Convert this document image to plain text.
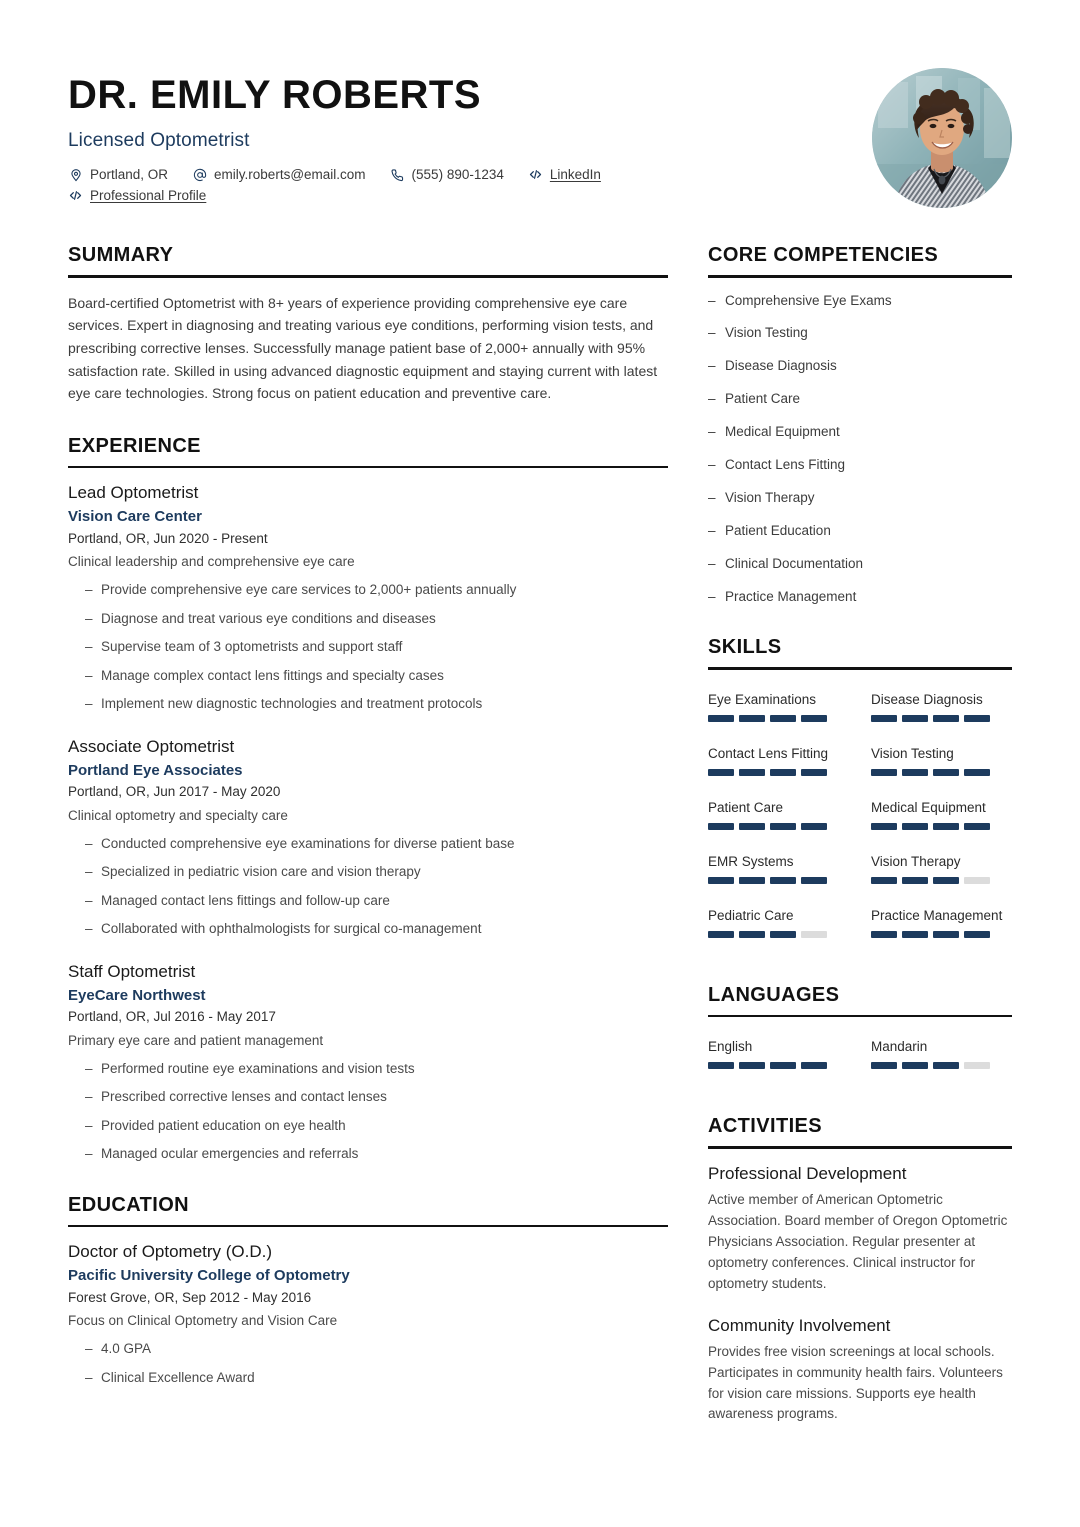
DR. EMILY ROBERTS
Licensed Optometrist
Portland, OR	emily.roberts@email.com	(555) 890-1234	LinkedIn
Professional Profile
SUMMARY

Board-certified Optometrist with 8+ years of experience providing comprehensive eye care services. Expert in diagnosing and treating various eye conditions, performing vision tests, and prescribing corrective lenses. Successfully manage patient base of 2,000+ annually with 95% satisfaction rate. Skilled in using advanced diagnostic equipment and staying current with latest eye care technologies. Strong focus on patient education and preventive care.

EXPERIENCE
Lead Optometrist
Vision Care Center
Portland, OR, Jun 2020 - Present
Clinical leadership and comprehensive eye care
– Provide comprehensive eye care services to 2,000+ patients annually
– Diagnose and treat various eye conditions and diseases
– Supervise team of 3 optometrists and support staff
– Manage complex contact lens fittings and specialty cases
– Implement new diagnostic technologies and treatment protocols
Associate Optometrist
Portland Eye Associates
Portland, OR, Jun 2017 - May 2020
Clinical optometry and specialty care
– Conducted comprehensive eye examinations for diverse patient base
– Specialized in pediatric vision care and vision therapy
– Managed contact lens fittings and follow-up care
– Collaborated with ophthalmologists for surgical co-management
Staff Optometrist
EyeCare Northwest
Portland, OR, Jul 2016 - May 2017
Primary eye care and patient management
– Performed routine eye examinations and vision tests
– Prescribed corrective lenses and contact lenses
– Provided patient education on eye health
– Managed ocular emergencies and referrals
EDUCATION
Doctor of Optometry (O.D.)
Pacific University College of Optometry
Forest Grove, OR, Sep 2012 - May 2016
Focus on Clinical Optometry and Vision Care
– 4.0 GPA
– Clinical Excellence Award
CORE COMPETENCIES
– Comprehensive Eye Exams
– Vision Testing
– Disease Diagnosis
– Patient Care
– Medical Equipment
– Contact Lens Fitting
– Vision Therapy
– Patient Education
– Clinical Documentation
– Practice Management
SKILLS
Eye Examinations	Disease Diagnosis
Contact Lens Fitting	Vision Testing
Patient Care	Medical Equipment
EMR Systems	Vision Therapy
Pediatric Care	Practice Management
LANGUAGES
English	Mandarin
ACTIVITIES
Professional Development
Active member of American Optometric Association. Board member of Oregon Optometric Physicians Association. Regular presenter at optometry conferences. Clinical instructor for optometry students.
Community Involvement
Provides free vision screenings at local schools. Participates in community health fairs. Volunteers for vision care missions. Supports eye health awareness programs.
